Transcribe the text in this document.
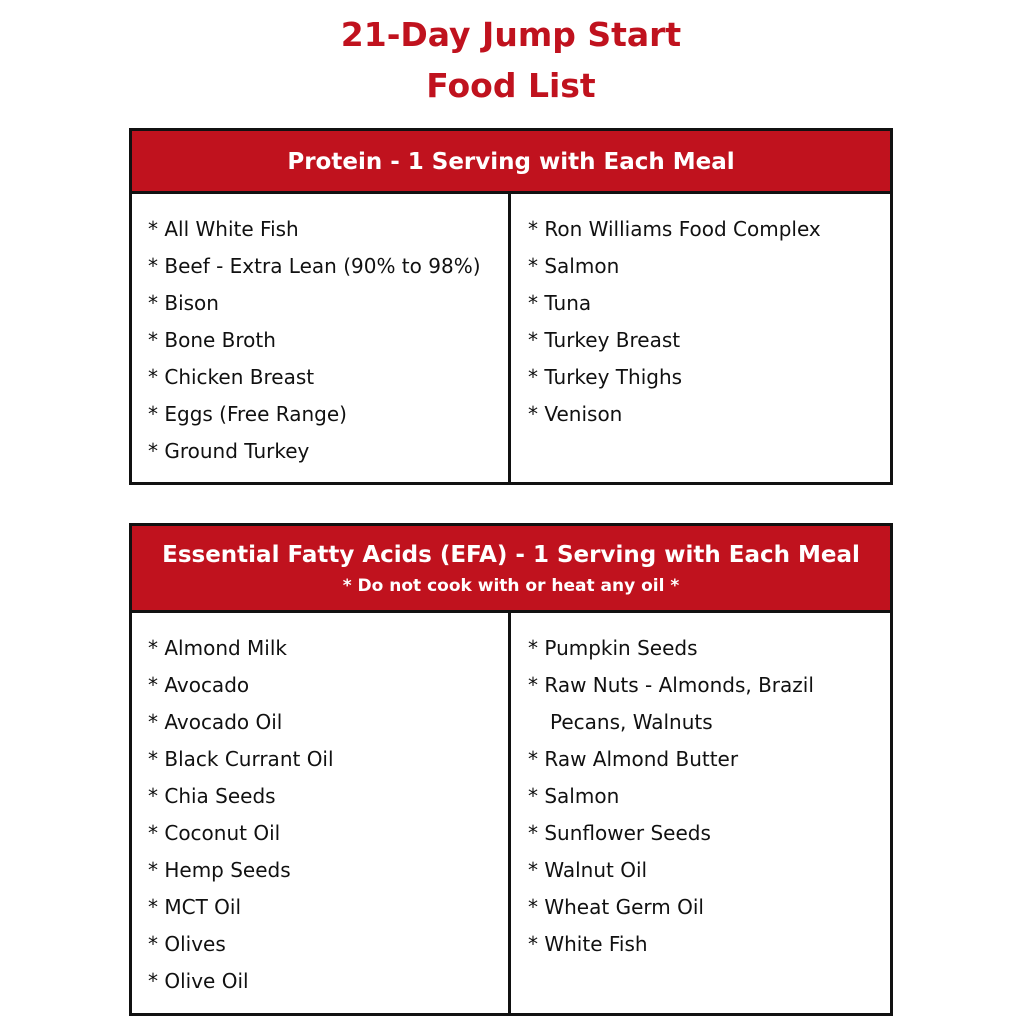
21-Day Jump Start
Food List
Protein - 1 Serving with Each Meal
* All White Fish
* Beef - Extra Lean (90% to 98%)
* Bison
* Bone Broth
* Chicken Breast
* Eggs (Free Range)
* Ground Turkey
* Ron Williams Food Complex
* Salmon
* Tuna
* Turkey Breast
* Turkey Thighs
* Venison
Essential Fatty Acids (EFA) - 1 Serving with Each Meal
* Do not cook with or heat any oil *
* Almond Milk
* Avocado
* Avocado Oil
* Black Currant Oil
* Chia Seeds
* Coconut Oil
* Hemp Seeds
* MCT Oil
* Olives
* Olive Oil
* Pumpkin Seeds
* Raw Nuts - Almonds, Brazil
Pecans, Walnuts
* Raw Almond Butter
* Salmon
* Sunflower Seeds
* Walnut Oil
* Wheat Germ Oil
* White Fish
